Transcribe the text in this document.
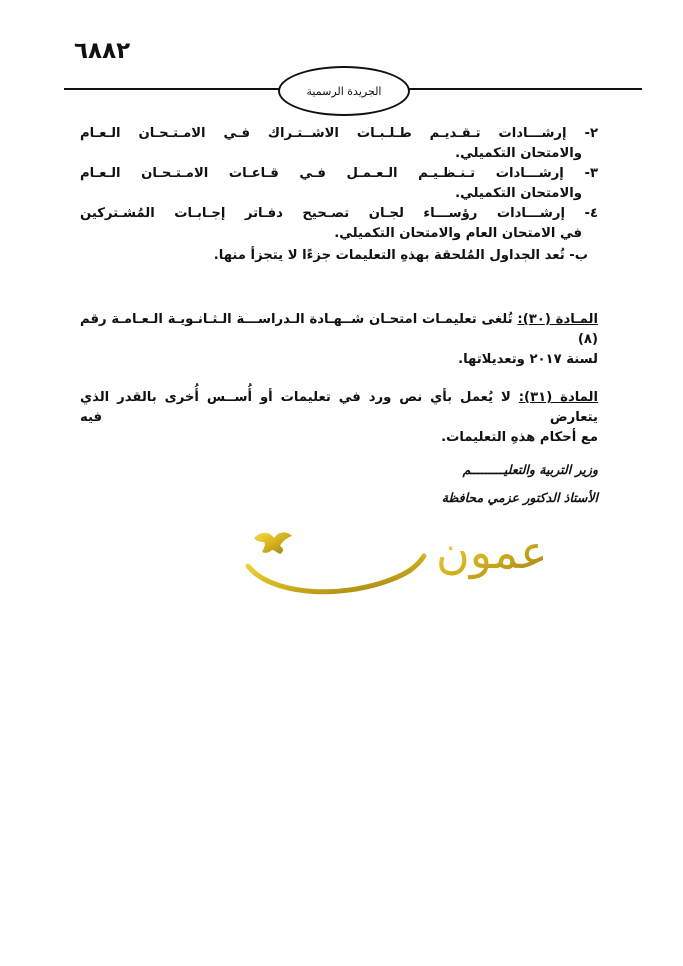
٦٨٨٢
الجريدة الرسمية
٢- إرشـــادات تـقـديـم طـلـبـات الاشــتـراك فـي الامـتـحـان الـعـام
والامتحان التكميلي.
٣- إرشـــادات تـنـظـيـم الـعـمـل فـي قـاعـات الامـتـحـان الـعـام
والامتحان التكميلي.
٤- إرشـــادات رؤســـاء لجـان تصـحيح دفـاتر إجـابـات المُشـتركين
في الامتحان العام والامتحان التكميلي.
ب- تُعد الجداول المُلحقة بهذهِ التعليمات جزءًا لا يتجزأ منها.
المـادة (٣٠): تُلغى تعليمـات امتحـان شــهـادة الـدراســـة الـثـانـويـة الـعـامـة رقم (٨)
لسنة ٢٠١٧ وتعديلاتها.
المادة (٣١): لا يُعمل بأي نص ورد في تعليمات أو أُســس أُخرى بالقدر الذي يتعارض فيه
مع أحكام هذهِ التعليمات.
وزير التربية والتعليـــــــــم
الأستاذ الدكتور عزمي محافظة
عمون
